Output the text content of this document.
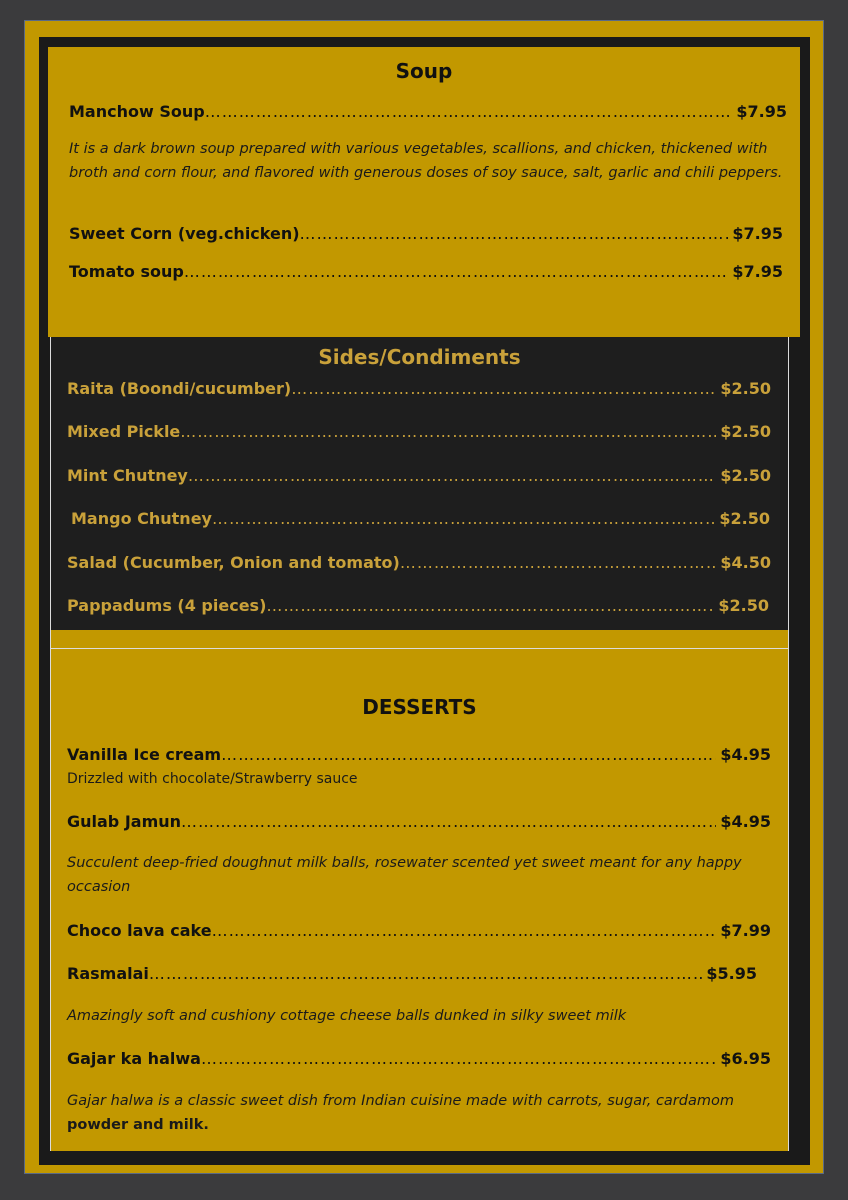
Soup
Manchow Soup …………………………………………………………………………………………………………………………………………………………………………	$7.95
It is a dark brown soup prepared with various vegetables, scallions, and chicken, thickened with broth and corn flour, and flavored with generous doses of soy sauce, salt, garlic and chili peppers.
Sweet Corn (veg.chicken) …………………………………………………………………………………………………………………………………………………………………………	$7.95
Tomato soup …………………………………………………………………………………………………………………………………………………………………………	$7.95
Sides/Condiments
Raita (Boondi/cucumber) …………………………………………………………………………………………………………………………………………………………………………	$2.50
Mixed Pickle …………………………………………………………………………………………………………………………………………………………………………	$2.50
Mint Chutney …………………………………………………………………………………………………………………………………………………………………………	$2.50
Mango Chutney …………………………………………………………………………………………………………………………………………………………………………	$2.50
Salad (Cucumber, Onion and tomato) …………………………………………………………………………………………………………………………………………………………………………	$4.50
Pappadums (4 pieces) …………………………………………………………………………………………………………………………………………………………………………	$2.50
DESSERTS
Vanilla Ice cream …………………………………………………………………………………………………………………………………………………………………………	$4.95
Drizzled with chocolate/Strawberry sauce
Gulab Jamun …………………………………………………………………………………………………………………………………………………………………………	$4.95
Succulent deep-fried doughnut milk balls, rosewater scented yet sweet meant for any happy occasion
Choco lava cake …………………………………………………………………………………………………………………………………………………………………………	$7.99
Rasmalai …………………………………………………………………………………………………………………………………………………………………………	$5.95
Amazingly soft and cushiony cottage cheese balls dunked in silky sweet milk
Gajar ka halwa …………………………………………………………………………………………………………………………………………………………………………	$6.95
Gajar halwa is a classic sweet dish from Indian cuisine made with carrots, sugar, cardamom
powder and milk.
